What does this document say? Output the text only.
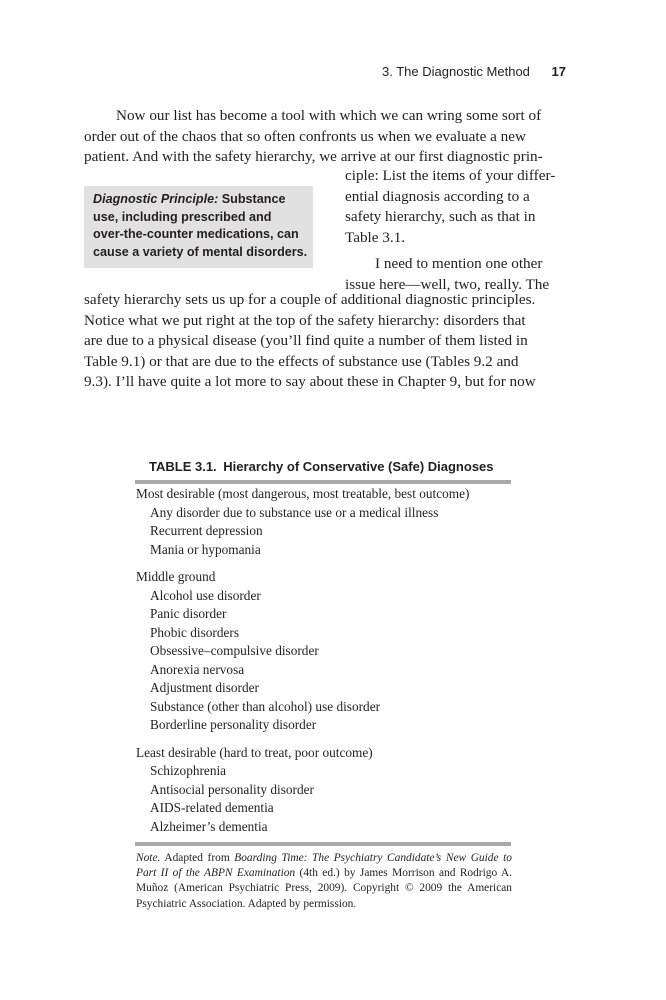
3. The Diagnostic Method 17

Now our list has become a tool with which we can wring some sort of

order out of the chaos that so often confronts us when we evaluate a new

patient. And with the safety hierarchy, we arrive at our first diagnostic prin-

Diagnostic Principle: Substance
use, including prescribed and
over-the-counter medications, can
cause a variety of mental disorders.

ciple: List the items of your differ-

ential diagnosis according to a

safety hierarchy, such as that in

Table 3.1.

I need to mention one other

issue here—well, two, really. The

safety hierarchy sets us up for a couple of additional diagnostic principles.

Notice what we put right at the top of the safety hierarchy: disorders that

are due to a physical disease (you’ll find quite a number of them listed in

Table 9.1) or that are due to the effects of substance use (Tables 9.2 and

9.3). I’ll have quite a lot more to say about these in Chapter 9, but for now

TABLE 3.1. Hierarchy of Conservative (Safe) Diagnoses

Most desirable (most dangerous, most treatable, best outcome)

Any disorder due to substance use or a medical illness

Recurrent depression

Mania or hypomania

Middle ground

Alcohol use disorder

Panic disorder

Phobic disorders

Obsessive–compulsive disorder

Anorexia nervosa

Adjustment disorder

Substance (other than alcohol) use disorder

Borderline personality disorder

Least desirable (hard to treat, poor outcome)

Schizophrenia

Antisocial personality disorder

AIDS-related dementia

Alzheimer’s dementia

Note. Adapted from Boarding Time: The Psychiatry Candidate’s New Guide to Part II of the ABPN Examination (4th ed.) by James Morrison and Rodrigo A. Muñoz (American Psychiatric Press, 2009). Copyright © 2009 the American Psychiatric Association. Adapted by permission.
